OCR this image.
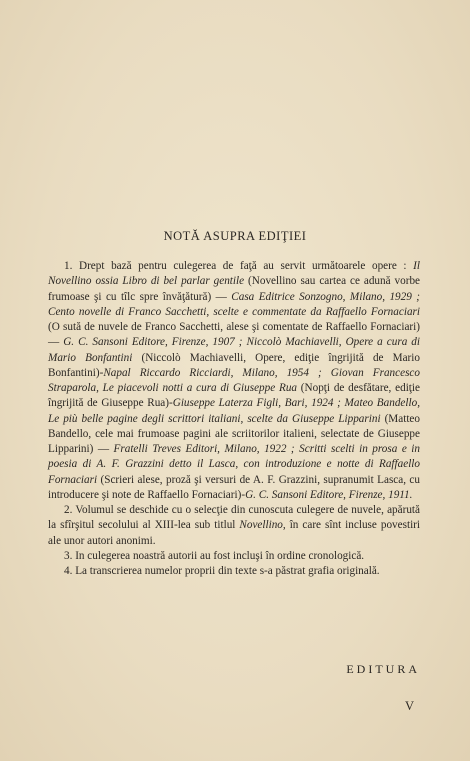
NOTĂ ASUPRA EDIŢIEI

1. Drept bază pentru culegerea de faţă au servit următoarele opere : Il Novellino ossia Libro di bel parlar gentile (Novellino sau cartea ce adună vorbe frumoase şi cu tîlc spre învăţătură) — Casa Editrice Sonzogno, Milano, 1929 ; Cento novelle di Franco Sacchetti, scelte e commentate da Raffaello Fornaciari (O sută de nuvele de Franco Sacchetti, alese şi comentate de Raffaello Fornaciari) — G. C. Sansoni Editore, Firenze, 1907 ; Niccolò Machiavelli, Opere a cura di Mario Bonfantini (Niccolò Machiavelli, Opere, ediţie îngrijită de Mario Bonfantini)-Napal Riccardo Ricciardi, Milano, 1954 ; Giovan Francesco Straparola, Le piacevoli notti a cura di Giuseppe Rua (Nopţi de desfătare, ediţie îngrijită de Giuseppe Rua)-Giuseppe Laterza Figli, Bari, 1924 ; Mateo Bandello, Le più belle pagine degli scrittori italiani, scelte da Giuseppe Lipparini (Matteo Bandello, cele mai frumoase pagini ale scriitorilor italieni, selectate de Giuseppe Lipparini) — Fratelli Treves Editori, Milano, 1922 ; Scritti scelti in prosa e in poesia di A. F. Grazzini detto il Lasca, con introduzione e notte di Raffaello Fornaciari (Scrieri alese, proză şi versuri de A. F. Grazzini, supranumit Lasca, cu introducere şi note de Raffaello Fornaciari)-G. C. Sansoni Editore, Firenze, 1911.

2. Volumul se deschide cu o selecţie din cunoscuta culegere de nuvele, apărută la sfîrşitul secolului al XIII-lea sub titlul Novellino, în care sînt incluse povestiri ale unor autori anonimi.

3. In culegerea noastră autorii au fost incluşi în ordine cronologică.

4. La transcrierea numelor proprii din texte s-a păstrat grafia originală.

EDITURA

V
